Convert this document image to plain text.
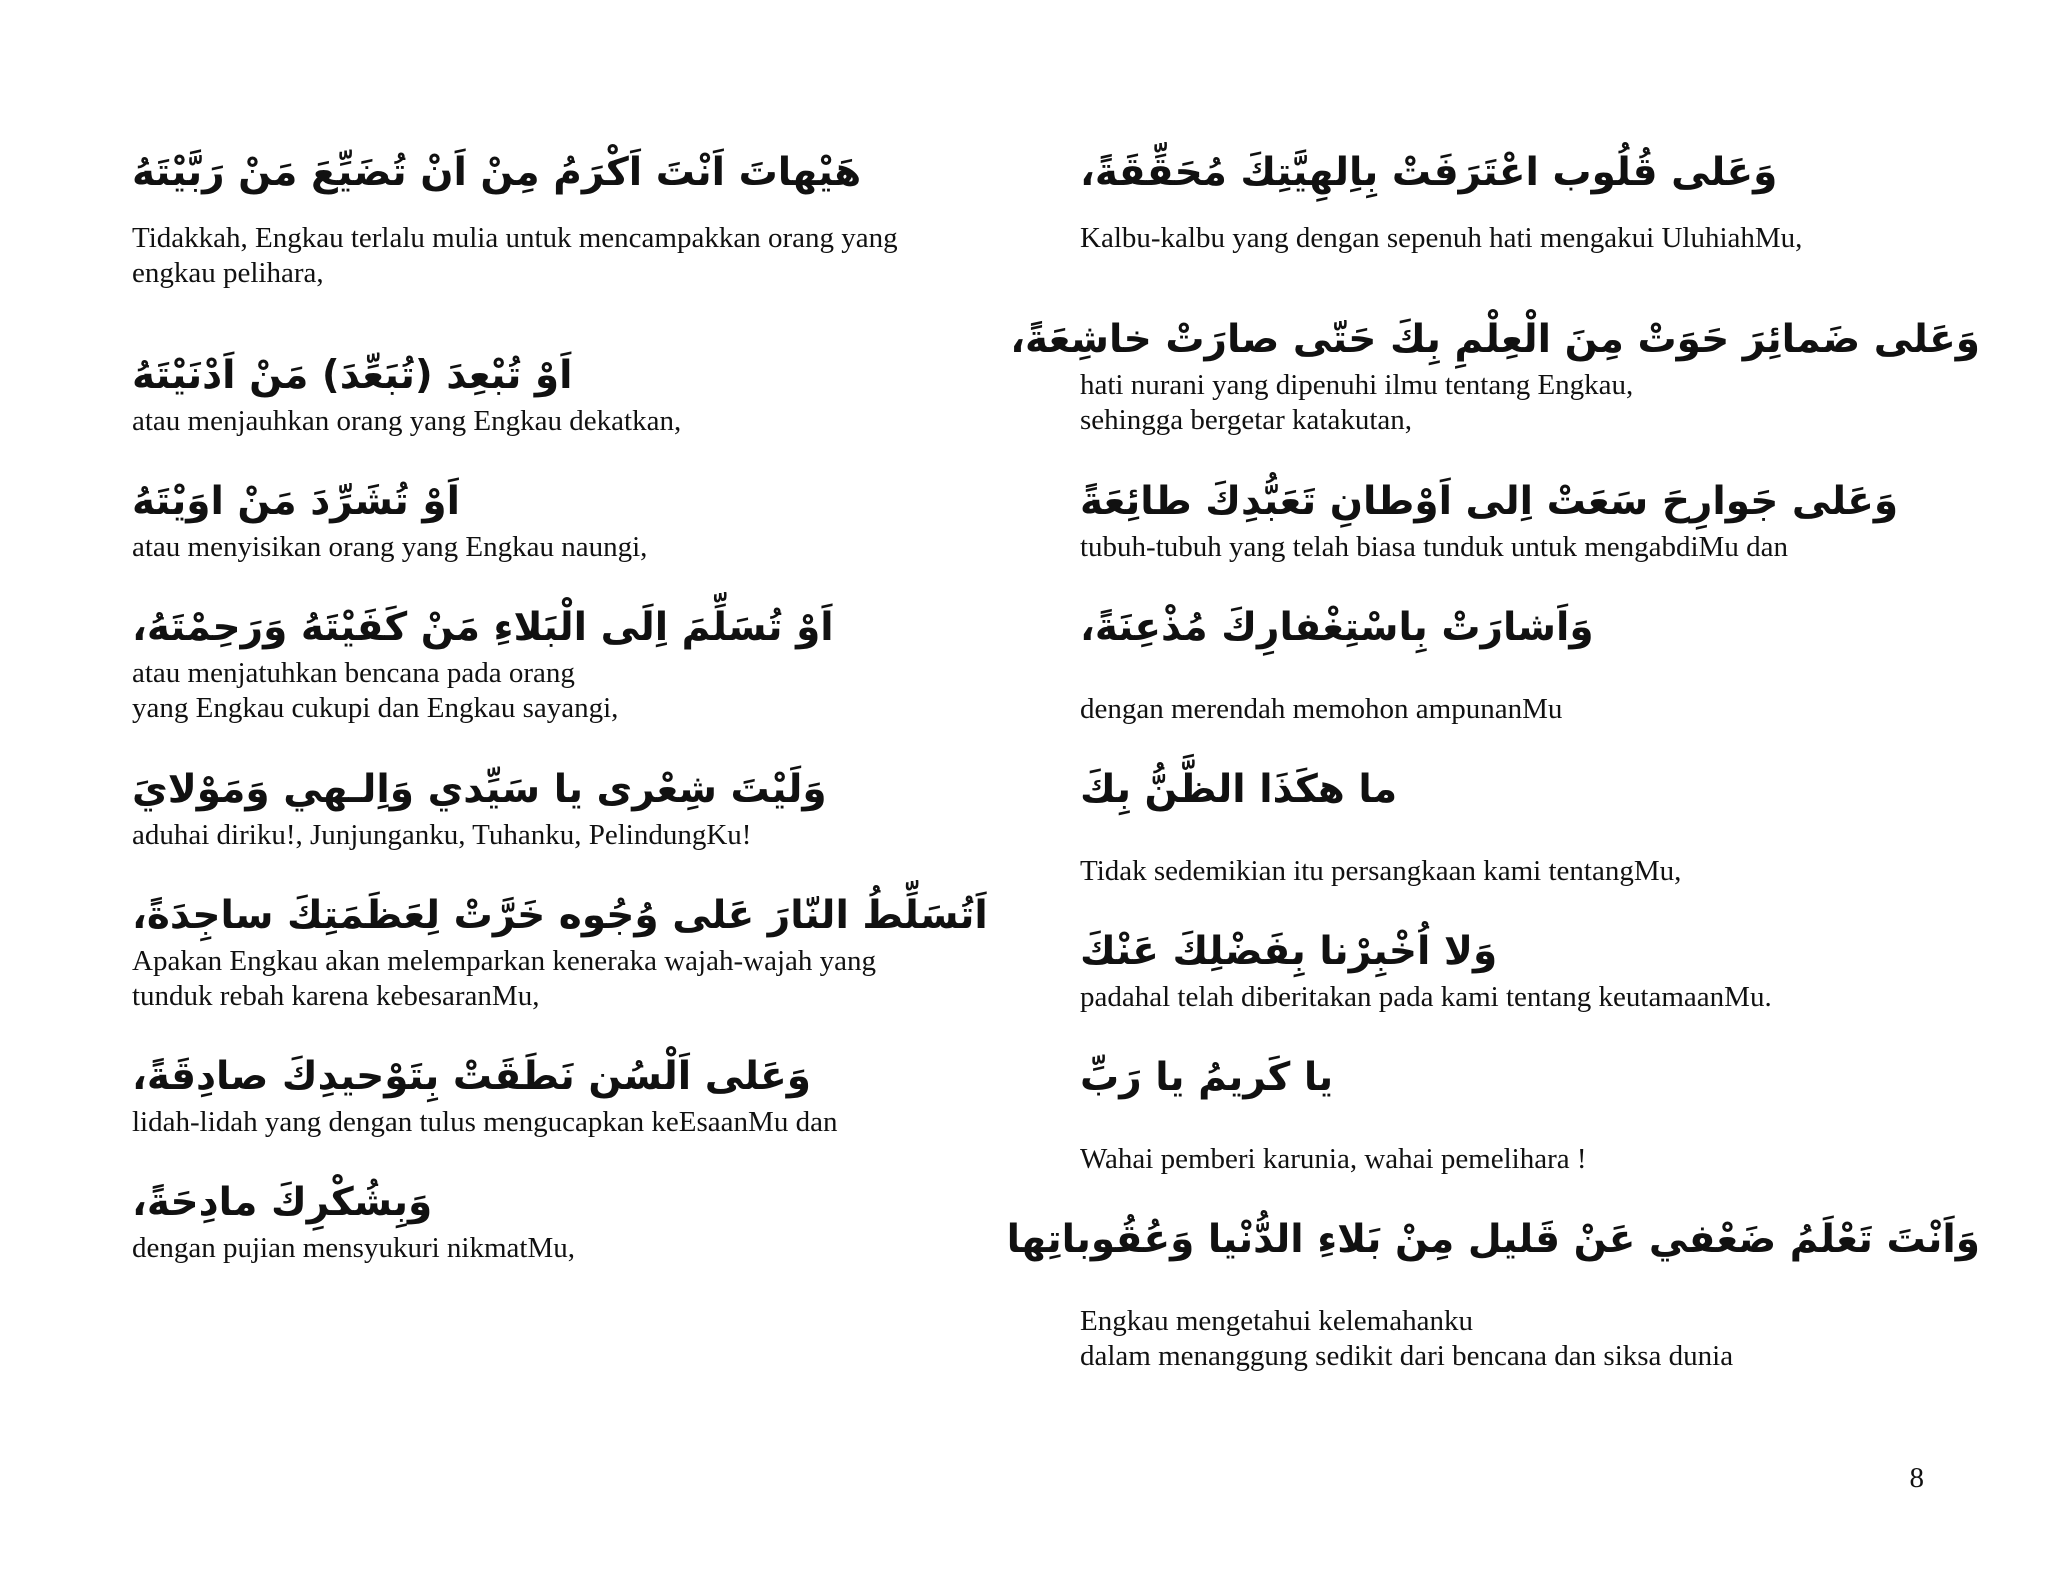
هَيْهاتَ اَنْتَ اَكْرَمُ مِنْ اَنْ تُضَيِّعَ مَنْ رَبَّيْتَهُ
Tidakkah, Engkau terlalu mulia untuk mencampakkan orang yang
engkau pelihara,
اَوْ تُبْعِدَ (تُبَعِّدَ) مَنْ اَدْنَيْتَهُ
atau menjauhkan orang yang Engkau dekatkan,
اَوْ تُشَرِّدَ مَنْ اوَيْتَهُ
atau menyisikan orang yang Engkau naungi,
اَوْ تُسَلِّمَ اِلَى الْبَلاءِ مَنْ كَفَيْتَهُ وَرَحِمْتَهُ،
atau menjatuhkan bencana pada orang
yang Engkau cukupi dan Engkau sayangi,
وَلَيْتَ شِعْرى يا سَيِّدي وَاِلـهي وَمَوْلايَ
aduhai diriku!, Junjunganku, Tuhanku, PelindungKu!
اَتُسَلِّطُ النّارَ عَلى وُجُوه خَرَّتْ لِعَظَمَتِكَ ساجِدَةً،
Apakan Engkau akan melemparkan keneraka wajah-wajah yang
tunduk rebah karena kebesaranMu,
وَعَلى اَلْسُن نَطَقَتْ بِتَوْحيدِكَ صادِقَةً،
lidah-lidah yang dengan tulus mengucapkan keEsaanMu dan
وَبِشُكْرِكَ مادِحَةً،
dengan pujian mensyukuri nikmatMu,
وَعَلى قُلُوب اعْتَرَفَتْ بِاِلهِيَّتِكَ مُحَقِّقَةً،
Kalbu-kalbu yang dengan sepenuh hati mengakui UluhiahMu,
وَعَلى ضَمائِرَ حَوَتْ مِنَ الْعِلْمِ بِكَ حَتّى صارَتْ خاشِعَةً،
hati nurani yang dipenuhi ilmu tentang Engkau,
sehingga bergetar katakutan,
وَعَلى جَوارِحَ سَعَتْ اِلى اَوْطانِ تَعَبُّدِكَ طائِعَةً
tubuh-tubuh yang telah biasa tunduk untuk mengabdiMu dan
وَاَشارَتْ بِاسْتِغْفارِكَ مُذْعِنَةً،
dengan merendah memohon ampunanMu
ما هكَذَا الظَّنُّ بِكَ
Tidak sedemikian itu persangkaan kami tentangMu,
وَلا اُخْبِرْنا بِفَضْلِكَ عَنْكَ
padahal telah diberitakan pada kami tentang keutamaanMu.
يا كَريمُ يا رَبِّ
Wahai pemberi karunia, wahai pemelihara !
وَاَنْتَ تَعْلَمُ ضَعْفي عَنْ قَليل مِنْ بَلاءِ الدُّنْيا وَعُقُوباتِها
Engkau mengetahui kelemahanku
dalam menanggung sedikit dari bencana dan siksa dunia
8
